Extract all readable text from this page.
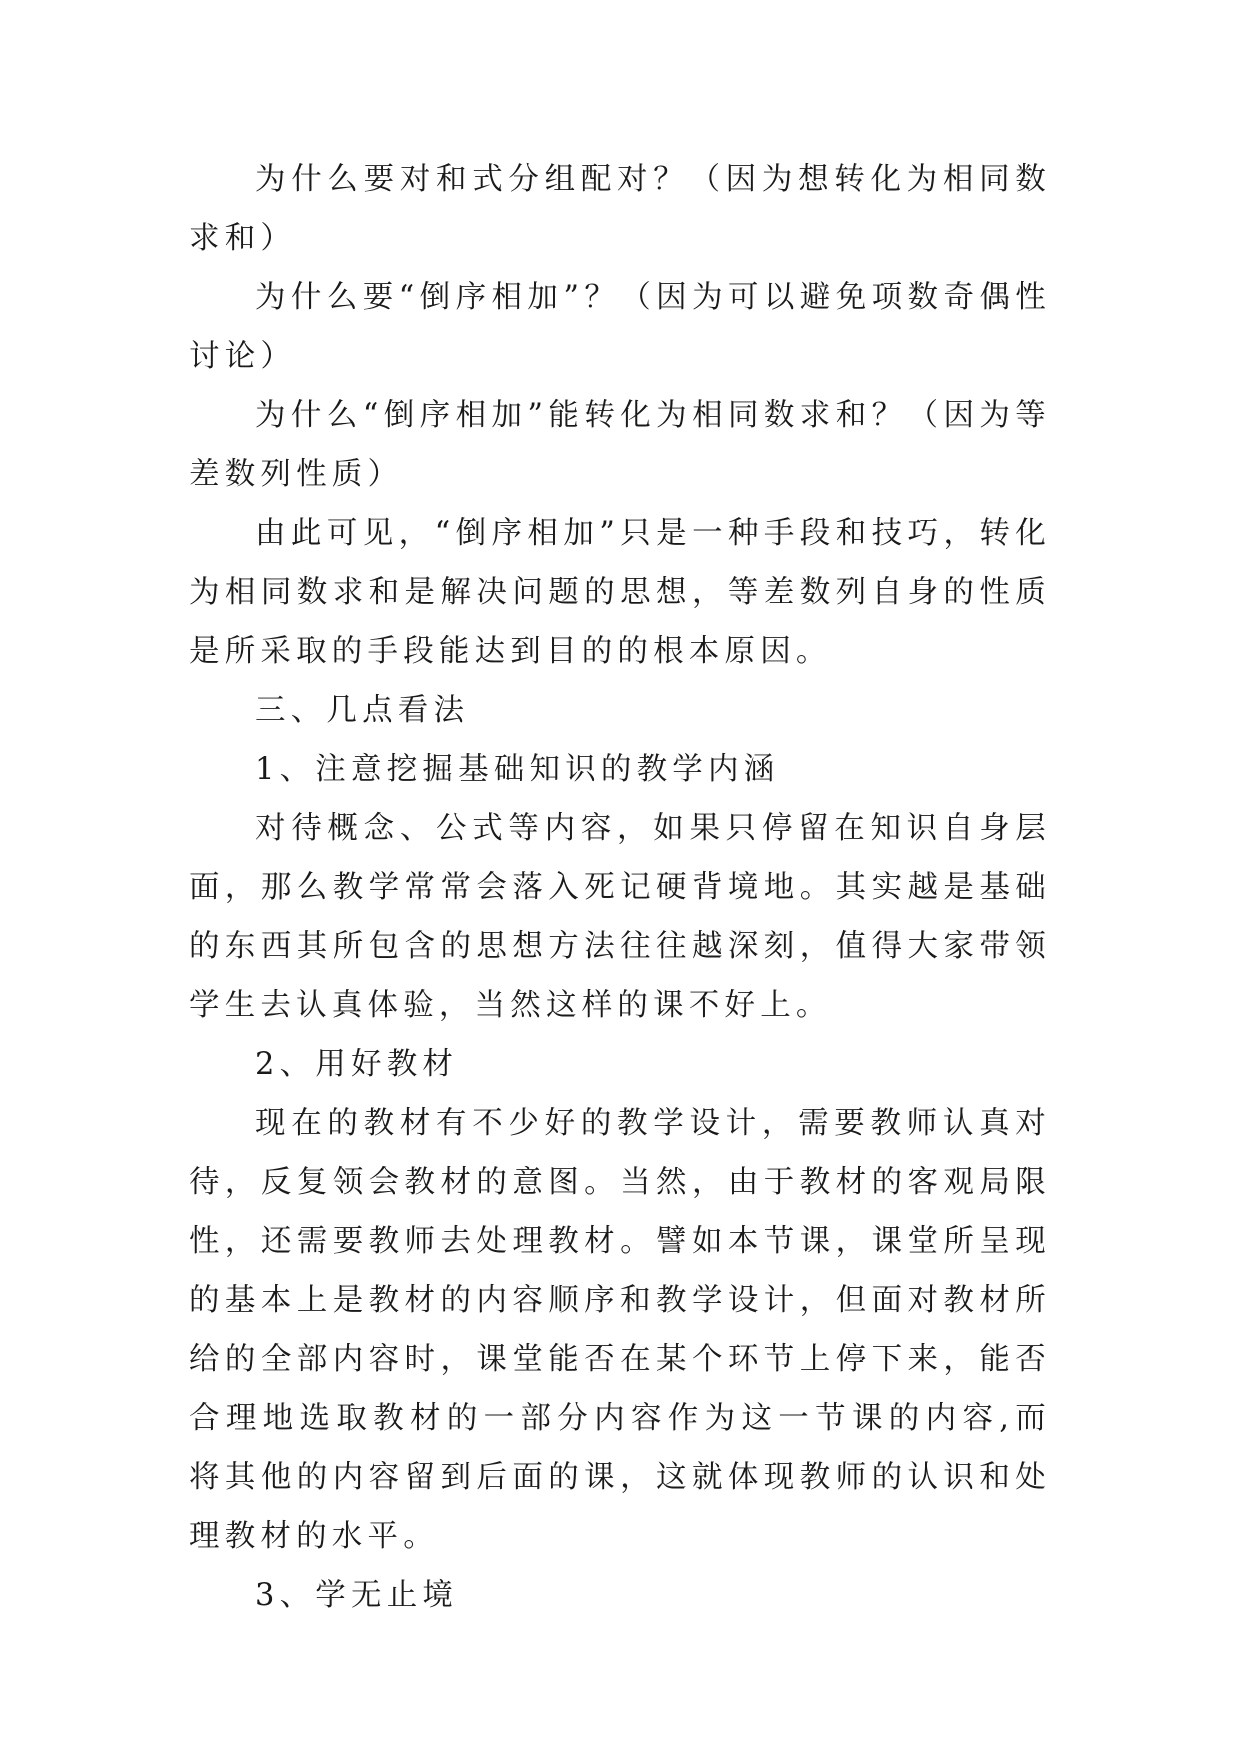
为什么要对和式分组配对？（因为想转化为相同数求和）

为什么要“倒序相加”？（因为可以避免项数奇偶性讨论）

为什么“倒序相加”能转化为相同数求和？（因为等差数列性质）

由此可见，“倒序相加”只是一种手段和技巧，转化为相同数求和是解决问题的思想，等差数列自身的性质是所采取的手段能达到目的的根本原因。

三、几点看法

1、注意挖掘基础知识的教学内涵

对待概念、公式等内容，如果只停留在知识自身层面，那么教学常常会落入死记硬背境地。其实越是基础的东西其所包含的思想方法往往越深刻，值得大家带领学生去认真体验，当然这样的课不好上。

2、用好教材

现在的教材有不少好的教学设计，需要教师认真对待，反复领会教材的意图。当然，由于教材的客观局限性，还需要教师去处理教材。譬如本节课，课堂所呈现的基本上是教材的内容顺序和教学设计，但面对教材所给的全部内容时，课堂能否在某个环节上停下来，能否合理地选取教材的一部分内容作为这一节课的内容,而将其他的内容留到后面的课，这就体现教师的认识和处理教材的水平。

3、学无止境
